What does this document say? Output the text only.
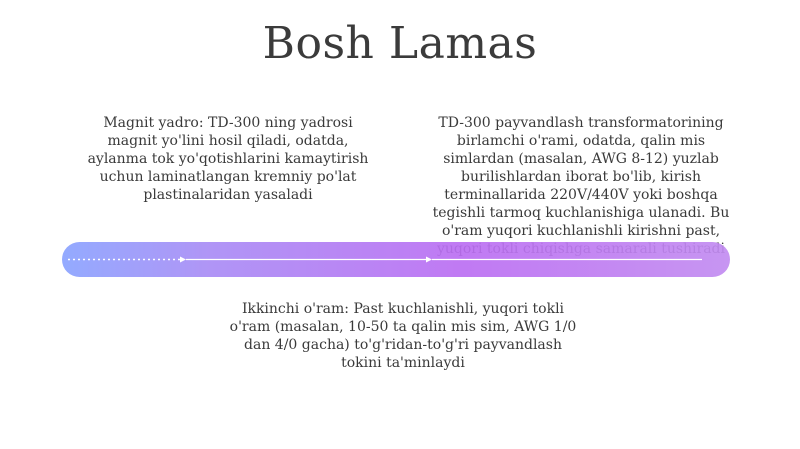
Bosh Lamas
Magnit yadro: TD-300 ning yadrosi magnit yo'lini hosil qiladi, odatda, aylanma tok yo'qotishlarini kamaytirish uchun laminatlangan kremniy po'lat plastinalaridan yasaladi
TD-300 payvandlash transformatorining birlamchi o'rami, odatda, qalin mis simlardan (masalan, AWG 8-12) yuzlab burilishlardan iborat bo'lib, kirish terminallarida 220V/440V yoki boshqa tegishli tarmoq kuchlanishiga ulanadi. Bu o'ram yuqori kuchlanishli kirishni past,
Ikkinchi o'ram: Past kuchlanishli, yuqori tokli o'ram (masalan, 10-50 ta qalin mis sim, AWG 1/0 dan 4/0 gacha) to'g'ridan-to'g'ri payvandlash tokini ta'minlaydi
